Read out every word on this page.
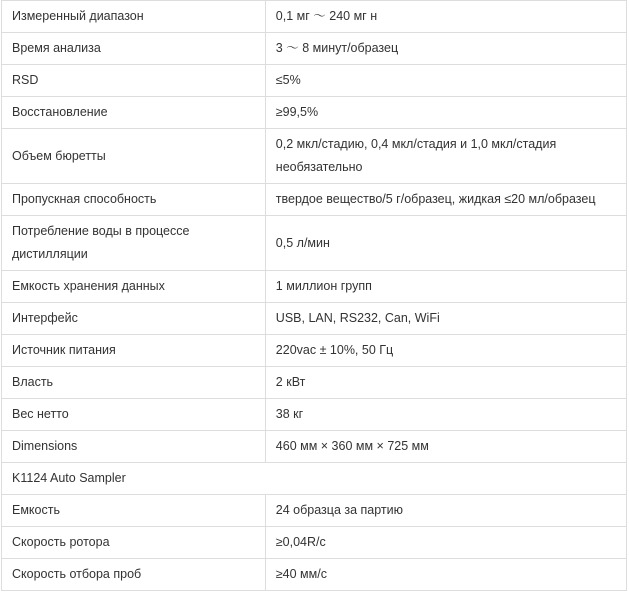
Измеренный диапазон	0,1 мг ～ 240 мг н
Время анализа	3 ～ 8 минут/образец
RSD	≤5%
Восстановление	≥99,5%
Объем бюретты	0,2 мкл/стадию, 0,4 мкл/стадия и 1,0 мкл/стадия необязательно
Пропускная способность	твердое вещество/5 г/образец, жидкая ≤20 мл/образец
Потребление воды в процессе дистилляции	0,5 л/мин
Емкость хранения данных	1 миллион групп
Интерфейс	USB, LAN, RS232, Can, WiFi
Источник питания	220vac ± 10%, 50 Гц
Власть	2 кВт
Вес нетто	38 кг
Dimensions	460 мм × 360 мм × 725 мм
K1124 Auto Sampler	
Емкость	24 образца за партию
Скорость ротора	≥0,04R/с
Скорость отбора проб	≥40 мм/с
